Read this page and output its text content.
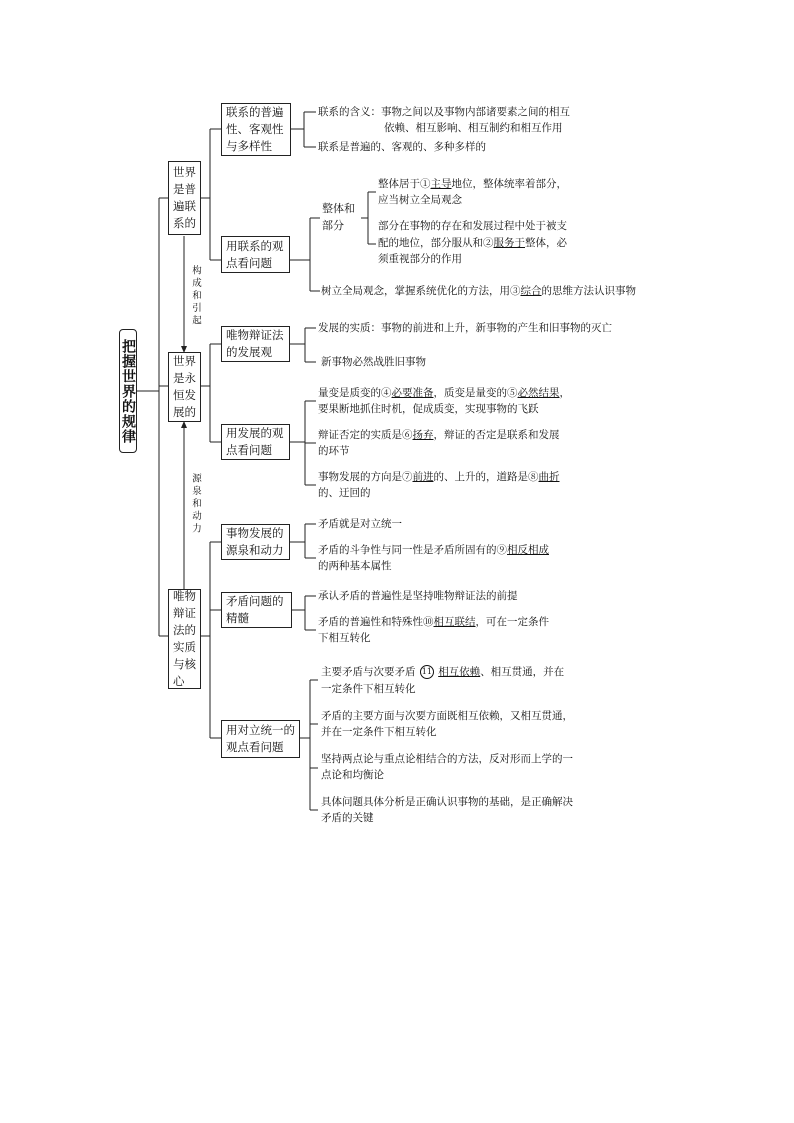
把握世界的规律
构成和引起
源泉和动力
世界是普遍联系的
世界是永恒发展的
唯物辩证法的实质与核心
联系的普遍性、客观性与多样性
用联系的观点看问题
唯物辩证法的发展观
用发展的观点看问题
事物发展的源泉和动力
矛盾问题的精髓
用对立统一的观点看问题
整体和部分
联系的含义：事物之间以及事物内部诸要素之间的相互
依赖、相互影响、相互制约和相互作用
联系是普遍的、客观的、多种多样的
整体居于①主导地位，整体统率着部分，
应当树立全局观念
部分在事物的存在和发展过程中处于被支
配的地位，部分服从和②服务于整体，必
须重视部分的作用
树立全局观念，掌握系统优化的方法，用③综合的思维方法认识事物
发展的实质：事物的前进和上升，新事物的产生和旧事物的灭亡
新事物必然战胜旧事物
量变是质变的④必要准备，质变是量变的⑤必然结果，
要果断地抓住时机，促成质变，实现事物的飞跃
辩证否定的实质是⑥扬弃，辩证的否定是联系和发展
的环节
事物发展的方向是⑦前进的、上升的，道路是⑧曲折
的、迂回的
矛盾就是对立统一
矛盾的斗争性与同一性是矛盾所固有的⑨相反相成
的两种基本属性
承认矛盾的普遍性是坚持唯物辩证法的前提
矛盾的普遍性和特殊性⑩相互联结，可在一定条件
下相互转化
主要矛盾与次要矛盾 11 相互依赖、相互贯通，并在
一定条件下相互转化
矛盾的主要方面与次要方面既相互依赖，又相互贯通，
并在一定条件下相互转化
坚持两点论与重点论相结合的方法，反对形而上学的一
点论和均衡论
具体问题具体分析是正确认识事物的基础，是正确解决
矛盾的关键
